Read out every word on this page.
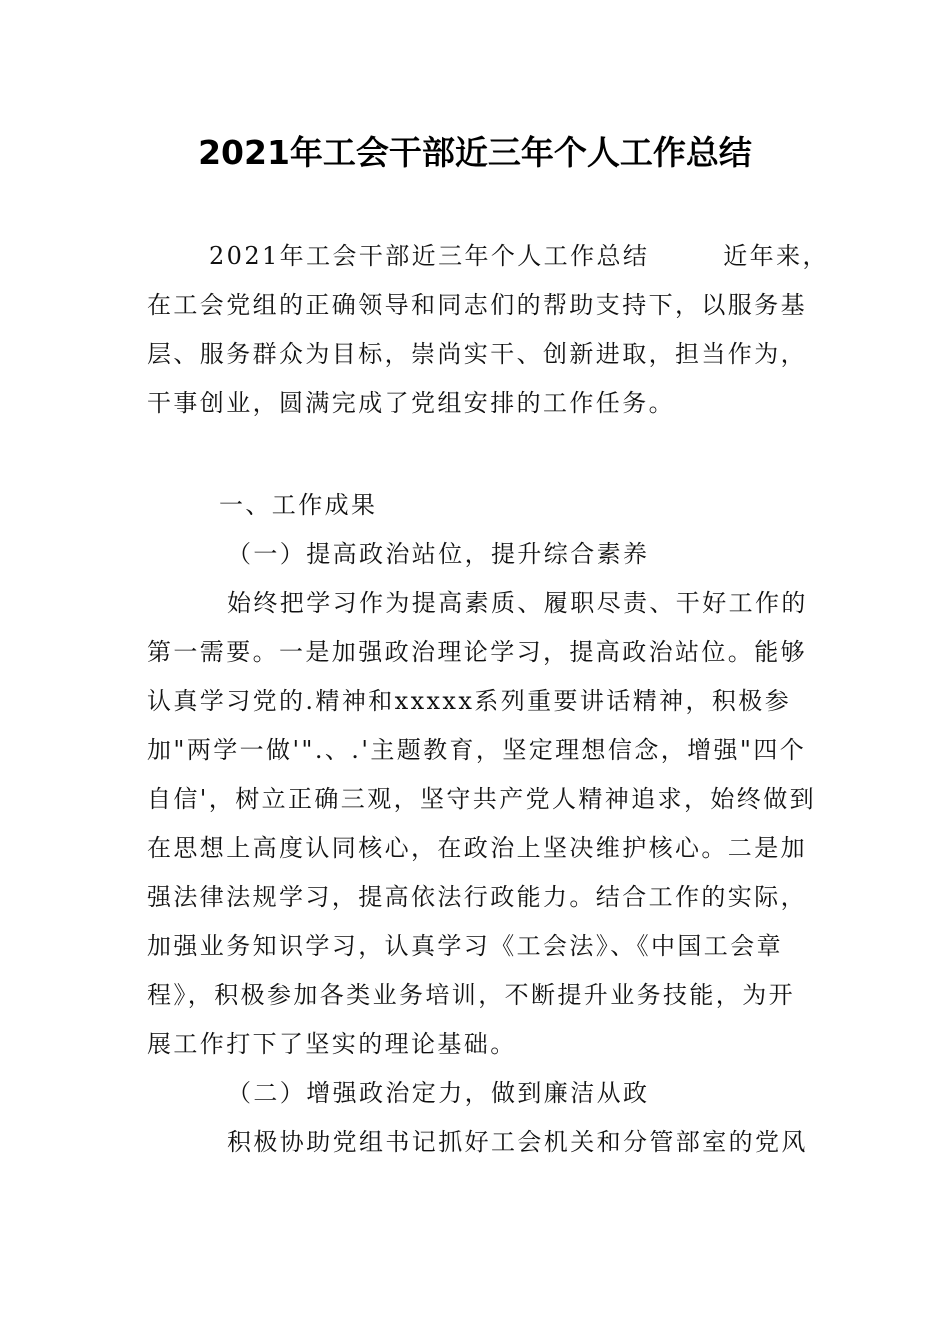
2021年工会干部近三年个人工作总结
2021年工会干部近三年个人工作总结	近年来，
在工会党组的正确领导和同志们的帮助支持下，以服务基
层、服务群众为目标，崇尚实干、创新进取，担当作为，
干事创业，圆满完成了党组安排的工作任务。
一、工作成果
（一）提高政治站位，提升综合素养
始终把学习作为提高素质、履职尽责、干好工作的
第一需要。一是加强政治理论学习，提高政治站位。能够
认真学习党的.精神和xxxxx系列重要讲话精神，积极参
加"两学一做'".、.'主题教育，坚定理想信念，增强"四个
自信'，树立正确三观，坚守共产党人精神追求，始终做到
在思想上高度认同核心，在政治上坚决维护核心。二是加
强法律法规学习，提高依法行政能力。结合工作的实际，
加强业务知识学习，认真学习《工会法》、《中国工会章
程》，积极参加各类业务培训，不断提升业务技能，为开
展工作打下了坚实的理论基础。
（二）增强政治定力，做到廉洁从政
积极协助党组书记抓好工会机关和分管部室的党风
